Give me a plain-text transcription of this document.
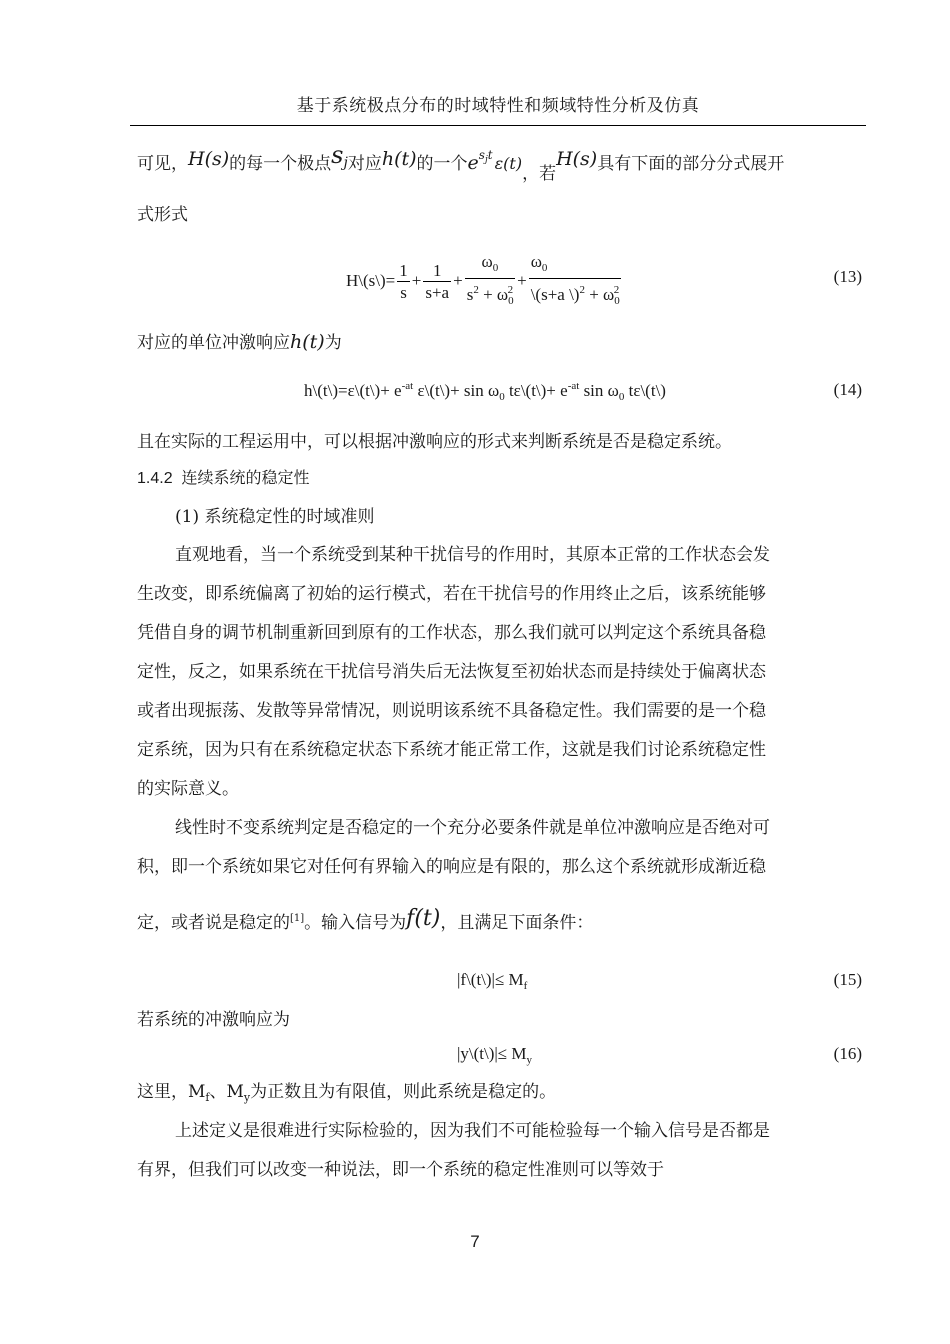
基于系统极点分布的时域特性和频域特性分析及仿真
可见，H(s)的每一个极点$s_j$对应h(t)的一个$e^{s_jt}$ ε(t)，若H(s)具有下面的部分分式展开
式形式
H\(s\)= $\frac{1}{s} + \frac{1}{s+a} + \frac{\omega_0}{s^2 + \omega_0^2} + \frac{\omega_0}{\backslash(s+a \backslash)^2 + \omega_0^2}$	(13)
对应的单位冲激响应h(t)为
h\(t\)=ε\(t\)+ $e^{-at}$ ε\(t\)+ $\sin \omega_0$ tε\(t\)+ $e^{-at}$ $\sin \omega_0$ tε\(t\)	(14)
且在实际的工程运用中，可以根据冲激响应的形式来判断系统是否是稳定系统。
1.4.2 连续系统的稳定性
(1) 系统稳定性的时域准则
直观地看，当一个系统受到某种干扰信号的作用时，其原本正常的工作状态会发
生改变，即系统偏离了初始的运行模式，若在干扰信号的作用终止之后，该系统能够
凭借自身的调节机制重新回到原有的工作状态，那么我们就可以判定这个系统具备稳
定性，反之，如果系统在干扰信号消失后无法恢复至初始状态而是持续处于偏离状态
或者出现振荡、发散等异常情况，则说明该系统不具备稳定性。我们需要的是一个稳
定系统，因为只有在系统稳定状态下系统才能正常工作，这就是我们讨论系统稳定性
的实际意义。
线性时不变系统判定是否稳定的一个充分必要条件就是单位冲激响应是否绝对可
积，即一个系统如果它对任何有界输入的响应是有限的，那么这个系统就形成渐近稳
定，或者说是稳定的[1]。输入信号为f(t)，且满足下面条件：
|f\(t\)|≤ $M_f$	(15)
若系统的冲激响应为
|y\(t\)|≤ $M_y$	(16)
这里，$M_f$、$M_y$为正数且为有限值，则此系统是稳定的。
上述定义是很难进行实际检验的，因为我们不可能检验每一个输入信号是否都是
有界，但我们可以改变一种说法，即一个系统的稳定性准则可以等效于
7
